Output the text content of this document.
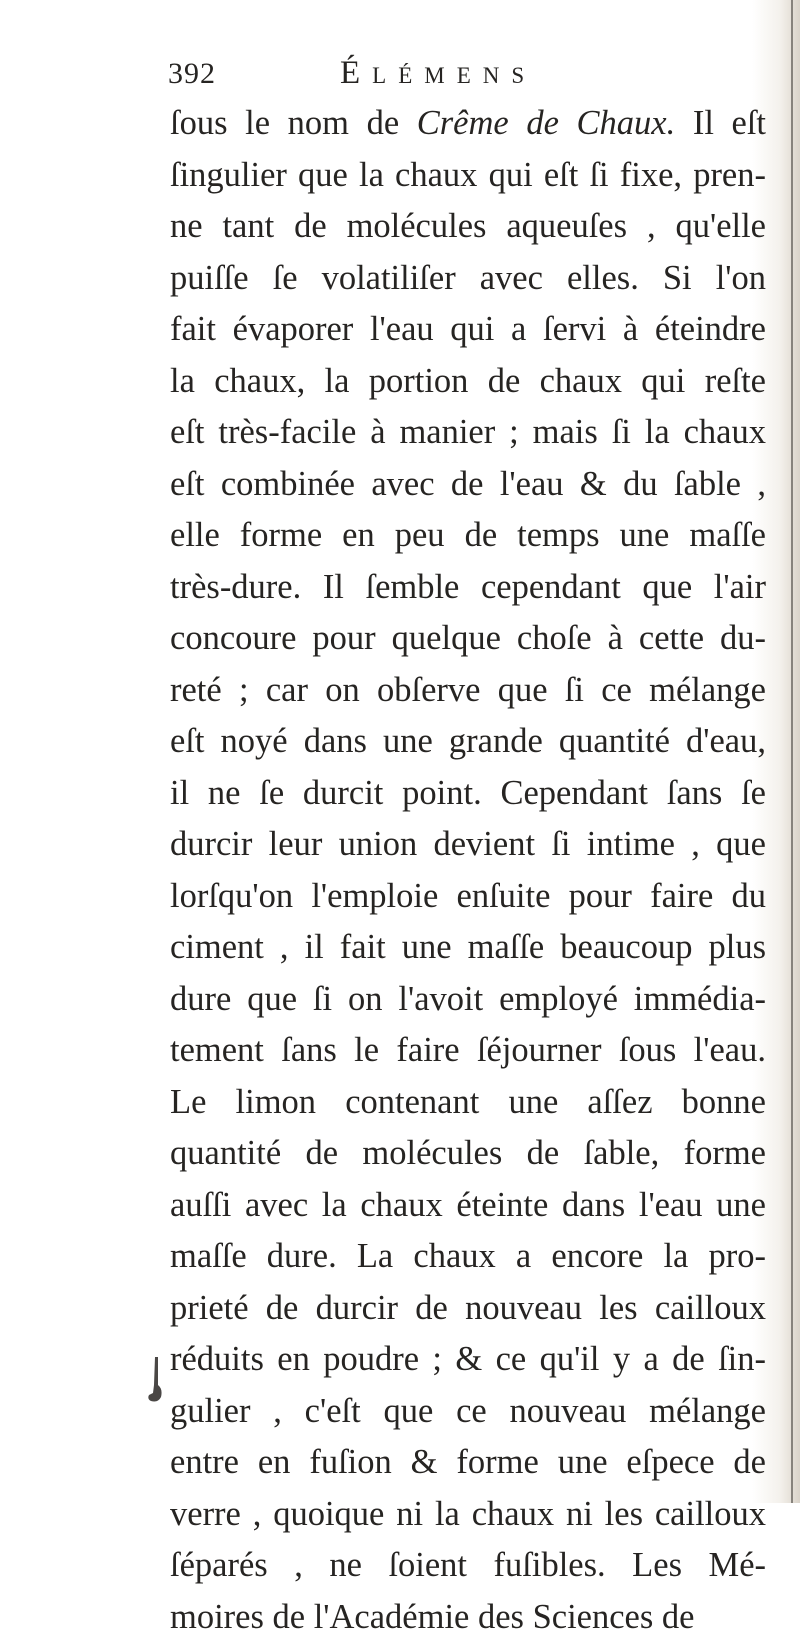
392	Élémens
ſous le nom de Crême de Chaux. Il eſt
ſingulier que la chaux qui eſt ſi fixe, pren-
ne tant de molécules aqueuſes , qu'elle
puiſſe ſe volatiliſer avec elles. Si l'on
fait évaporer l'eau qui a ſervi à éteindre
la chaux, la portion de chaux qui reſte
eſt très-facile à manier ; mais ſi la chaux
eſt combinée avec de l'eau & du ſable ,
elle forme en peu de temps une maſſe
très-dure. Il ſemble cependant que l'air
concoure pour quelque choſe à cette du-
reté ; car on obſerve que ſi ce mélange
eſt noyé dans une grande quantité d'eau,
il ne ſe durcit point. Cependant ſans ſe
durcir leur union devient ſi intime , que
lorſqu'on l'emploie enſuite pour faire du
ciment , il fait une maſſe beaucoup plus
dure que ſi on l'avoit employé immédia-
tement ſans le faire ſéjourner ſous l'eau.
Le limon contenant une aſſez bonne
quantité de molécules de ſable, forme
auſſi avec la chaux éteinte dans l'eau une
maſſe dure. La chaux a encore la pro-
prieté de durcir de nouveau les cailloux
réduits en poudre ; & ce qu'il y a de ſin-
gulier , c'eſt que ce nouveau mélange
entre en fuſion & forme une eſpece de
verre , quoique ni la chaux ni les cailloux
ſéparés , ne ſoient fuſibles. Les Mé-
moires de l'Académie des Sciences de
